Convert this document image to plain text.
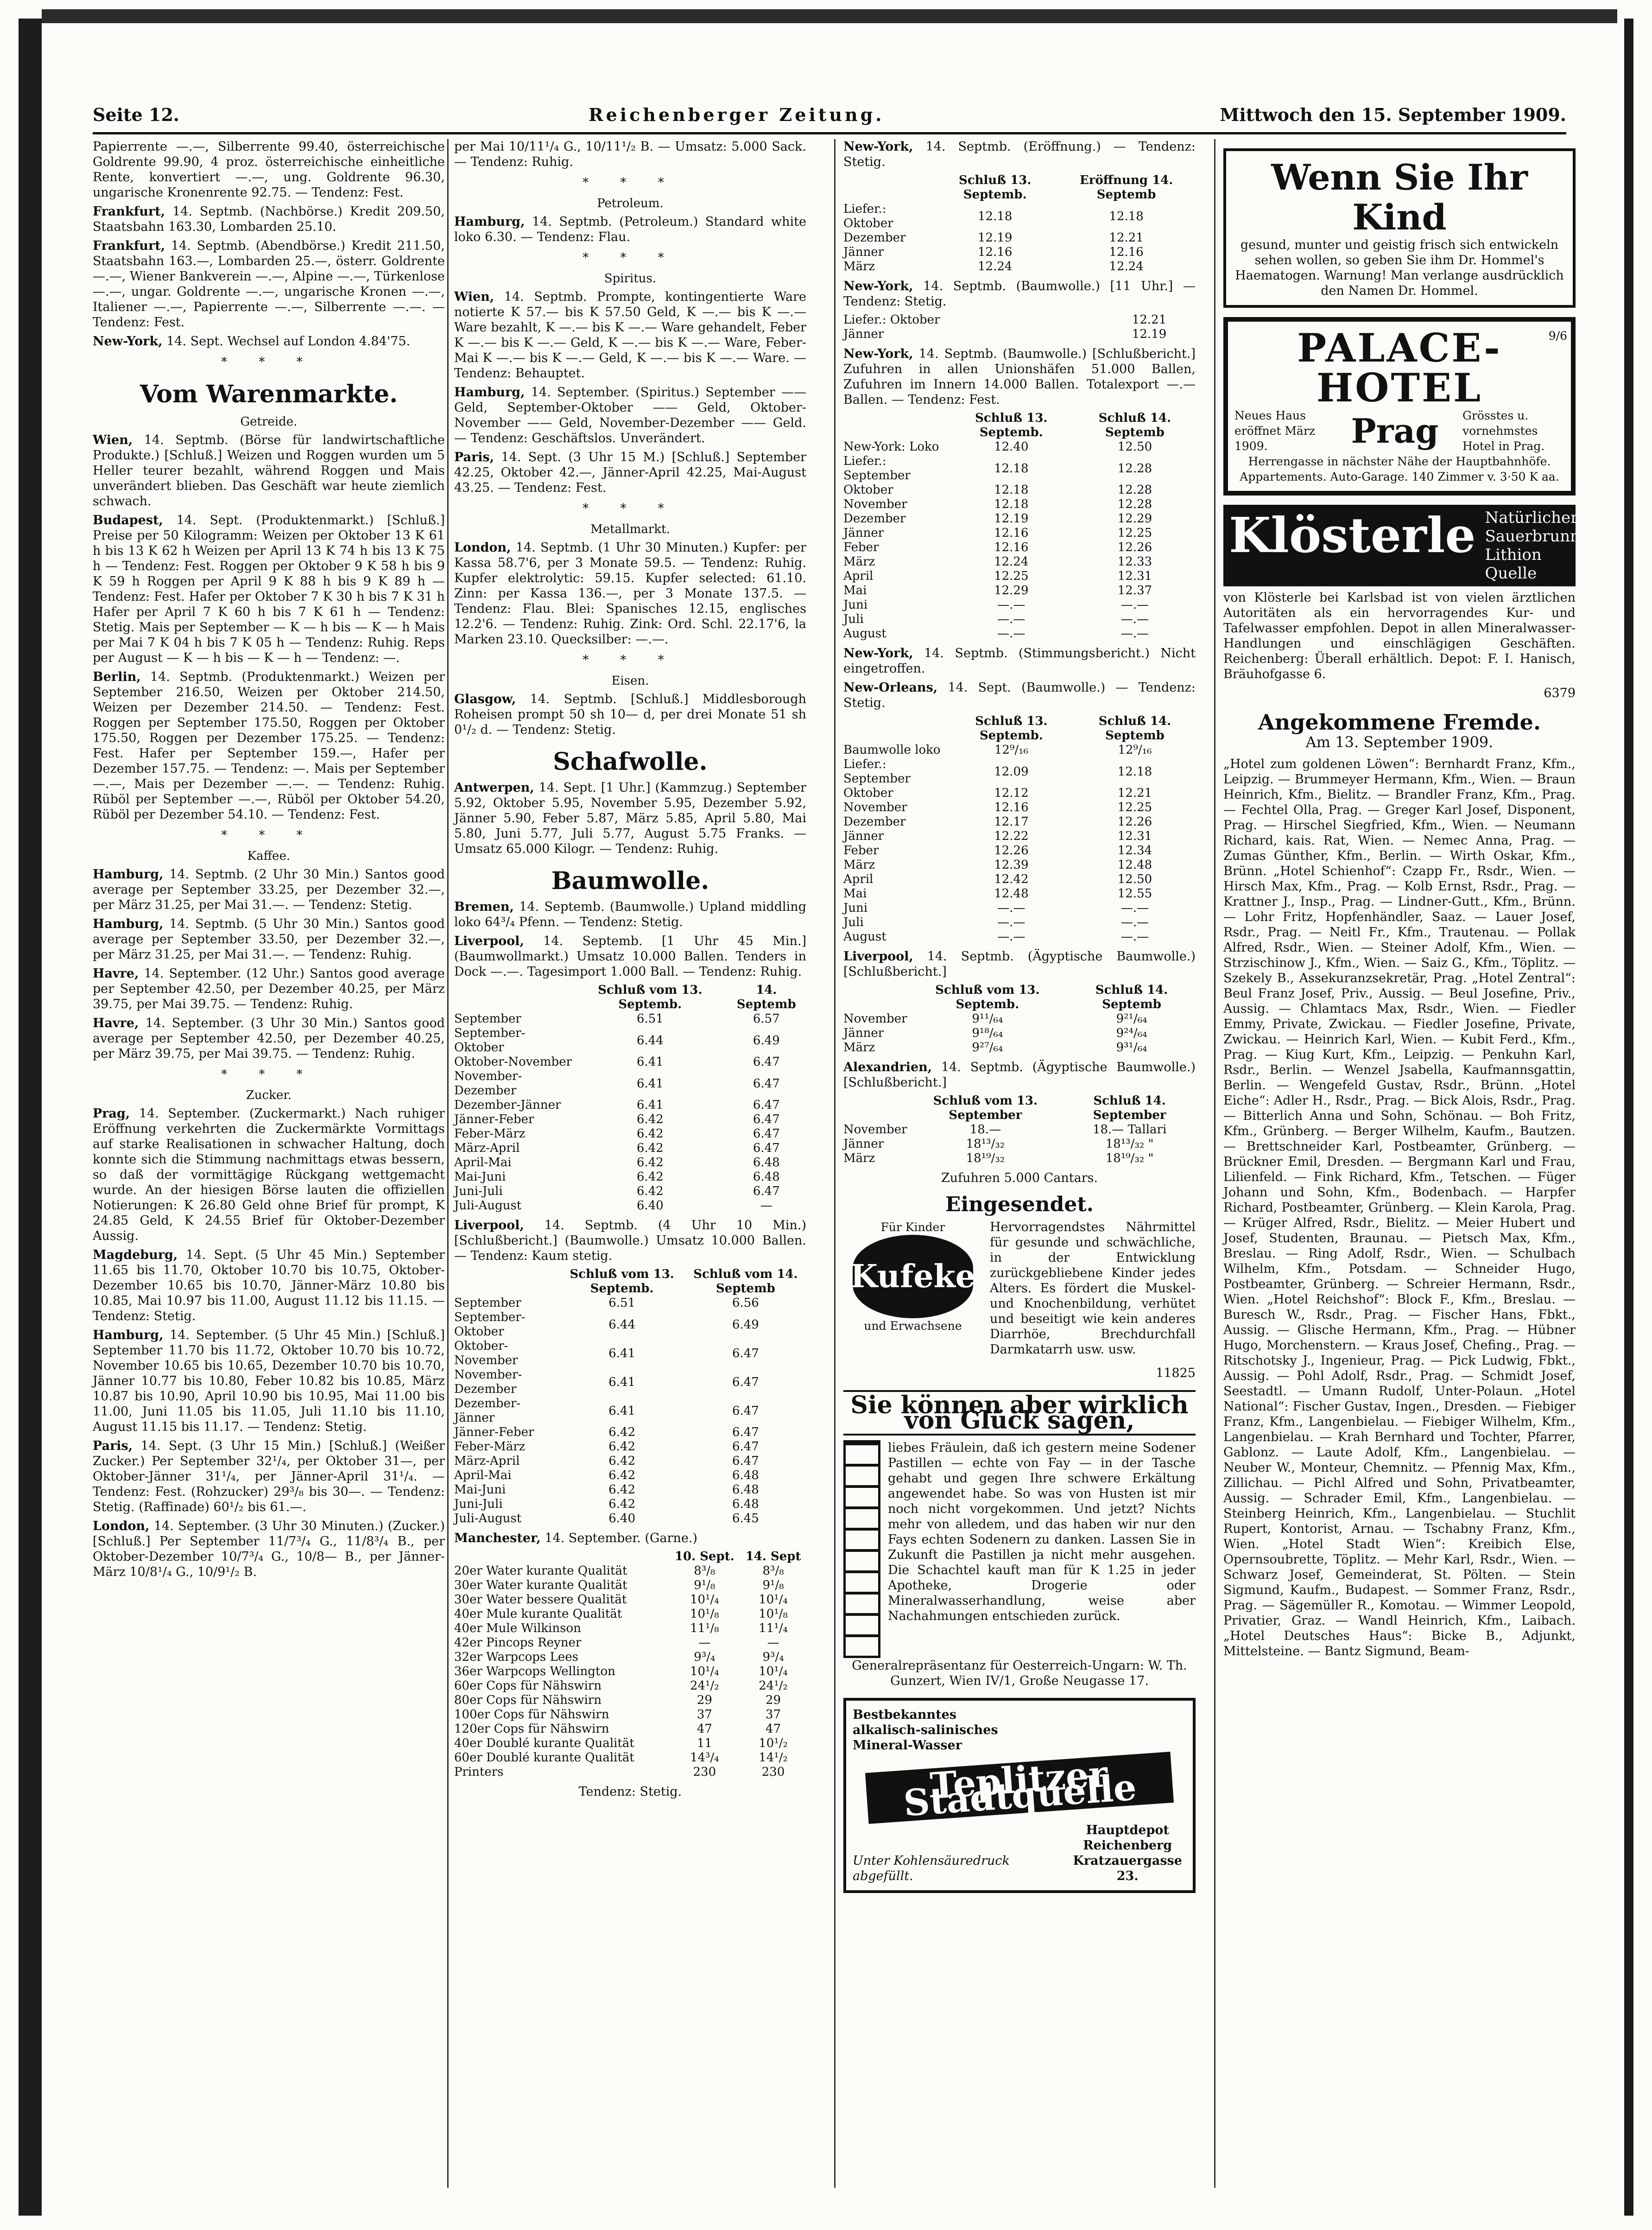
Seite 12.	Reichenberger Zeitung.	Mittwoch den 15. September 1909.

Papierrente —.—, Silberrente 99.40, österreichische Goldrente 99.90, 4 proz. österreichische einheitliche Rente, konvertiert —.—, ung. Goldrente 96.30, ungarische Kronenrente 92.75. — Tendenz: Fest.

Frankfurt, 14. Septmb. (Nachbörse.) Kredit 209.50, Staatsbahn 163.30, Lombarden 25.10.

Frankfurt, 14. Septmb. (Abendbörse.) Kredit 211.50, Staatsbahn 163.—, Lombarden 25.—, österr. Goldrente —.—, Wiener Bankverein —.—, Alpine —.—, Türkenlose —.—, ungar. Goldrente —.—, ungarische Kronen —.—, Italiener —.—, Papierrente —.—, Silberrente —.—. — Tendenz: Fest.

New-York, 14. Sept. Wechsel auf London 4.84'75.

* * *
Vom Warenmarkte.
Getreide.

Wien, 14. Septmb. (Börse für landwirtschaftliche Produkte.) [Schluß.] Weizen und Roggen wurden um 5 Heller teurer bezahlt, während Roggen und Mais unverändert blieben. Das Geschäft war heute ziemlich schwach.

Budapest, 14. Sept. (Produktenmarkt.) [Schluß.] Preise per 50 Kilogramm: Weizen per Oktober 13 K 61 h bis 13 K 62 h Weizen per April 13 K 74 h bis 13 K 75 h — Tendenz: Fest. Roggen per Oktober 9 K 58 h bis 9 K 59 h Roggen per April 9 K 88 h bis 9 K 89 h — Tendenz: Fest. Hafer per Oktober 7 K 30 h bis 7 K 31 h Hafer per April 7 K 60 h bis 7 K 61 h — Tendenz: Stetig. Mais per September — K — h bis — K — h Mais per Mai 7 K 04 h bis 7 K 05 h — Tendenz: Ruhig. Reps per August — K — h bis — K — h — Tendenz: —.

Berlin, 14. Septmb. (Produktenmarkt.) Weizen per September 216.50, Weizen per Oktober 214.50, Weizen per Dezember 214.50. — Tendenz: Fest. Roggen per September 175.50, Roggen per Oktober 175.50, Roggen per Dezember 175.25. — Tendenz: Fest. Hafer per September 159.—, Hafer per Dezember 157.75. — Tendenz: —. Mais per September —.—, Mais per Dezember —.—. — Tendenz: Ruhig. Rüböl per September —.—, Rüböl per Oktober 54.20, Rüböl per Dezember 54.10. — Tendenz: Fest.

* * *
Kaffee.

Hamburg, 14. Septmb. (2 Uhr 30 Min.) Santos good average per September 33.25, per Dezember 32.—, per März 31.25, per Mai 31.—. — Tendenz: Stetig.

Hamburg, 14. Septmb. (5 Uhr 30 Min.) Santos good average per September 33.50, per Dezember 32.—, per März 31.25, per Mai 31.—. — Tendenz: Ruhig.

Havre, 14. September. (12 Uhr.) Santos good average per September 42.50, per Dezember 40.25, per März 39.75, per Mai 39.75. — Tendenz: Ruhig.

Havre, 14. September. (3 Uhr 30 Min.) Santos good average per September 42.50, per Dezember 40.25, per März 39.75, per Mai 39.75. — Tendenz: Ruhig.

* * *
Zucker.

Prag, 14. September. (Zuckermarkt.) Nach ruhiger Eröffnung verkehrten die Zuckermärkte Vormittags auf starke Realisationen in schwacher Haltung, doch konnte sich die Stimmung nachmittags etwas bessern, so daß der vormittägige Rückgang wettgemacht wurde. An der hiesigen Börse lauten die offiziellen Notierungen: K 26.80 Geld ohne Brief für prompt, K 24.85 Geld, K 24.55 Brief für Oktober-Dezember Aussig.

Magdeburg, 14. Sept. (5 Uhr 45 Min.) September 11.65 bis 11.70, Oktober 10.70 bis 10.75, Oktober-Dezember 10.65 bis 10.70, Jänner-März 10.80 bis 10.85, Mai 10.97 bis 11.00, August 11.12 bis 11.15. — Tendenz: Stetig.

Hamburg, 14. September. (5 Uhr 45 Min.) [Schluß.] September 11.70 bis 11.72, Oktober 10.70 bis 10.72, November 10.65 bis 10.65, Dezember 10.70 bis 10.70, Jänner 10.77 bis 10.80, Feber 10.82 bis 10.85, März 10.87 bis 10.90, April 10.90 bis 10.95, Mai 11.00 bis 11.00, Juni 11.05 bis 11.05, Juli 11.10 bis 11.10, August 11.15 bis 11.17. — Tendenz: Stetig.

Paris, 14. Sept. (3 Uhr 15 Min.) [Schluß.] (Weißer Zucker.) Per September 32¹/₄, per Oktober 31—, per Oktober-Jänner 31¹/₄, per Jänner-April 31¹/₄. — Tendenz: Fest. (Rohzucker) 29³/₈ bis 30—. — Tendenz: Stetig. (Raffinade) 60¹/₂ bis 61.—.

London, 14. September. (3 Uhr 30 Minuten.) (Zucker.) [Schluß.] Per September 11/7³/₄ G., 11/8³/₄ B., per Oktober-Dezember 10/7³/₄ G., 10/8— B., per Jänner-März 10/8¹/₄ G., 10/9¹/₂ B.

per Mai 10/11¹/₄ G., 10/11¹/₂ B. — Umsatz: 5.000 Sack. — Tendenz: Ruhig.

* * *
Petroleum.

Hamburg, 14. Septmb. (Petroleum.) Standard white loko 6.30. — Tendenz: Flau.

* * *
Spiritus.

Wien, 14. Septmb. Prompte, kontingentierte Ware notierte K 57.— bis K 57.50 Geld, K —.— bis K —.— Ware bezahlt, K —.— bis K —.— Ware gehandelt, Feber K —.— bis K —.— Geld, K —.— bis K —.— Ware, Feber-Mai K —.— bis K —.— Geld, K —.— bis K —.— Ware. — Tendenz: Behauptet.

Hamburg, 14. September. (Spiritus.) September —— Geld, September-Oktober —— Geld, Oktober-November —— Geld, November-Dezember —— Geld. — Tendenz: Geschäftslos. Unverändert.

Paris, 14. Sept. (3 Uhr 15 M.) [Schluß.] September 42.25, Oktober 42.—, Jänner-April 42.25, Mai-August 43.25. — Tendenz: Fest.

* * *
Metallmarkt.

London, 14. Septmb. (1 Uhr 30 Minuten.) Kupfer: per Kassa 58.7'6, per 3 Monate 59.5. — Tendenz: Ruhig. Kupfer elektrolytic: 59.15. Kupfer selected: 61.10. Zinn: per Kassa 136.—, per 3 Monate 137.5. — Tendenz: Flau. Blei: Spanisches 12.15, englisches 12.2'6. — Tendenz: Ruhig. Zink: Ord. Schl. 22.17'6, la Marken 23.10. Quecksilber: —.—.

* * *
Eisen.

Glasgow, 14. Septmb. [Schluß.] Middlesborough Roheisen prompt 50 sh 10— d, per drei Monate 51 sh 0¹/₂ d. — Tendenz: Stetig.

Schafwolle.

Antwerpen, 14. Sept. [1 Uhr.] (Kammzug.) September 5.92, Oktober 5.95, November 5.95, Dezember 5.92, Jänner 5.90, Feber 5.87, März 5.85, April 5.80, Mai 5.80, Juni 5.77, Juli 5.77, August 5.75 Franks. — Umsatz 65.000 Kilogr. — Tendenz: Ruhig.

Baumwolle.

Bremen, 14. Septemb. (Baumwolle.) Upland middling loko 64³/₄ Pfenn. — Tendenz: Stetig.

Liverpool, 14. Septemb. [1 Uhr 45 Min.] (Baumwollmarkt.) Umsatz 10.000 Ballen. Tenders in Dock —.—. Tagesimport 1.000 Ball. — Tendenz: Ruhig.

	Schluß vom 13. Septemb.	14. Septemb
September	6.51	6.57
September-Oktober	6.44	6.49
Oktober-November	6.41	6.47
November-Dezember	6.41	6.47
Dezember-Jänner	6.41	6.47
Jänner-Feber	6.42	6.47
Feber-März	6.42	6.47
März-April	6.42	6.47
April-Mai	6.42	6.48
Mai-Juni	6.42	6.48
Juni-Juli	6.42	6.47
Juli-August	6.40	—

Liverpool, 14. Septmb. (4 Uhr 10 Min.) [Schlußbericht.] (Baumwolle.) Umsatz 10.000 Ballen. — Tendenz: Kaum stetig.

	Schluß vom 13. Septemb.	Schluß vom 14. Septemb
September	6.51	6.56
September-Oktober	6.44	6.49
Oktober-November	6.41	6.47
November-Dezember	6.41	6.47
Dezember-Jänner	6.41	6.47
Jänner-Feber	6.42	6.47
Feber-März	6.42	6.47
März-April	6.42	6.47
April-Mai	6.42	6.48
Mai-Juni	6.42	6.48
Juni-Juli	6.42	6.48
Juli-August	6.40	6.45

Manchester, 14. September. (Garne.)

	10. Sept.	14. Sept
20er Water kurante Qualität	8³/₈	8³/₈
30er Water kurante Qualität	9¹/₈	9¹/₈
30er Water bessere Qualität	10¹/₄	10¹/₄
40er Mule kurante Qualität	10¹/₈	10¹/₈
40er Mule Wilkinson	11¹/₈	11¹/₄
42er Pincops Reyner	—	—
32er Warpcops Lees	9³/₄	9³/₄
36er Warpcops Wellington	10¹/₄	10¹/₄
60er Cops für Nähswirn	24¹/₂	24¹/₂
80er Cops für Nähswirn	29	29
100er Cops für Nähswirn	37	37
120er Cops für Nähswirn	47	47
40er Doublé kurante Qualität	11	10¹/₂
60er Doublé kurante Qualität	14³/₄	14¹/₂
Printers	230	230

Tendenz: Stetig.

New-York, 14. Septmb. (Eröffnung.) — Tendenz: Stetig.

	Schluß 13. Septemb.	Eröffnung 14. Septemb
Liefer.: Oktober	12.18	12.18
Dezember	12.19	12.21
Jänner	12.16	12.16
März	12.24	12.24

New-York, 14. Septmb. (Baumwolle.) [11 Uhr.] — Tendenz: Stetig.

Liefer.: Oktober	12.21
Jänner	12.19

New-York, 14. Septmb. (Baumwolle.) [Schlußbericht.] Zufuhren in allen Unionshäfen 51.000 Ballen, Zufuhren im Innern 14.000 Ballen. Totalexport —.— Ballen. — Tendenz: Fest.

	Schluß 13. Septemb.	Schluß 14. Septemb
New-York: Loko	12.40	12.50
Liefer.: September	12.18	12.28
Oktober	12.18	12.28
November	12.18	12.28
Dezember	12.19	12.29
Jänner	12.16	12.25
Feber	12.16	12.26
März	12.24	12.33
April	12.25	12.31
Mai	12.29	12.37
Juni	—.—	—.—
Juli	—.—	—.—
August	—.—	—.—

New-York, 14. Septmb. (Stimmungsbericht.) Nicht eingetroffen.

New-Orleans, 14. Sept. (Baumwolle.) — Tendenz: Stetig.

	Schluß 13. Septemb.	Schluß 14. Septemb
Baumwolle loko	12⁹/₁₆	12⁹/₁₆
Liefer.: September	12.09	12.18
Oktober	12.12	12.21
November	12.16	12.25
Dezember	12.17	12.26
Jänner	12.22	12.31
Feber	12.26	12.34
März	12.39	12.48
April	12.42	12.50
Mai	12.48	12.55
Juni	—.—	—.—
Juli	—.—	—.—
August	—.—	—.—

Liverpool, 14. Septmb. (Ägyptische Baumwolle.) [Schlußbericht.]

	Schluß vom 13. Septemb.	Schluß 14. Septemb
November	9¹¹/₆₄	9²¹/₆₄
Jänner	9¹⁸/₆₄	9²⁴/₆₄
März	9²⁷/₆₄	9³¹/₆₄

Alexandrien, 14. Septmb. (Ägyptische Baumwolle.) [Schlußbericht.]

	Schluß vom 13. September	Schluß 14. September
November	18.—	18.— Tallari
Jänner	18¹³/₃₂	18¹³/₃₂ "
März	18¹⁹/₃₂	18¹⁹/₃₂ "

Zufuhren 5.000 Cantars.

Eingesendet.
Für Kinder
Kufeke
und Erwachsene

Hervorragendstes Nährmittel für gesunde und schwächliche, in der Entwicklung zurückgebliebene Kinder jedes Alters. Es fördert die Muskel- und Knochenbildung, verhütet und beseitigt wie kein anderes Diarrhöe, Brechdurchfall Darmkatarrh usw. usw.

11825

Sie können aber wirklich von Glück sagen,

liebes Fräulein, daß ich gestern meine Sodener Pastillen — echte von Fay — in der Tasche gehabt und gegen Ihre schwere Erkältung angewendet habe. So was von Husten ist mir noch nicht vorgekommen. Und jetzt? Nichts mehr von alledem, und das haben wir nur den Fays echten Sodenern zu danken. Lassen Sie in Zukunft die Pastillen ja nicht mehr ausgehen. Die Schachtel kauft man für K 1.25 in jeder Apotheke, Drogerie oder Mineralwasserhandlung, weise aber Nachahmungen entschieden zurück.

Generalrepräsentanz für Oesterreich-Ungarn: W. Th. Gunzert, Wien IV/1, Große Neugasse 17.

Bestbekanntes alkalisch-salinisches Mineral-Wasser
Teplitzer Stadtquelle
Unter Kohlensäuredruck abgefüllt.
Hauptdepot Reichenberg Kratzauergasse 23.
Wenn Sie Ihr Kind
gesund, munter und geistig frisch sich entwickeln sehen wollen, so geben Sie ihm Dr. Hommel's Haematogen. Warnung! Man verlange ausdrücklich den Namen Dr. Hommel.
PALACE-HOTEL
Neues Haus eröffnet März 1909.	Prag Grösstes u. vornehmstes Hotel in Prag.
Herrengasse in nächster Nähe der Hauptbahnhöfe. Appartements. Auto-Garage. 140 Zimmer v. 3·50 K aa.
9/6
Klösterle Natürlicher Sauerbrunn Lithion Quelle

von Klösterle bei Karlsbad ist von vielen ärztlichen Autoritäten als ein hervorragendes Kur- und Tafelwasser empfohlen. Depot in allen Mineralwasser-Handlungen und einschlägigen Geschäften. Reichenberg: Überall erhältlich. Depot: F. I. Hanisch, Bräuhofgasse 6.

6379

Angekommene Fremde.
Am 13. September 1909.

„Hotel zum goldenen Löwen“: Bernhardt Franz, Kfm., Leipzig. — Brummeyer Hermann, Kfm., Wien. — Braun Heinrich, Kfm., Bielitz. — Brandler Franz, Kfm., Prag. — Fechtel Olla, Prag. — Greger Karl Josef, Disponent, Prag. — Hirschel Siegfried, Kfm., Wien. — Neumann Richard, kais. Rat, Wien. — Nemec Anna, Prag. — Zumas Günther, Kfm., Berlin. — Wirth Oskar, Kfm., Brünn. „Hotel Schienhof“: Czapp Fr., Rsdr., Wien. — Hirsch Max, Kfm., Prag. — Kolb Ernst, Rsdr., Prag. — Krattner J., Insp., Prag. — Lindner-Gutt., Kfm., Brünn. — Lohr Fritz, Hopfenhändler, Saaz. — Lauer Josef, Rsdr., Prag. — Neitl Fr., Kfm., Trautenau. — Pollak Alfred, Rsdr., Wien. — Steiner Adolf, Kfm., Wien. — Strzischinow J., Kfm., Wien. — Saiz G., Kfm., Töplitz. — Szekely B., Assekuranzsekretär, Prag. „Hotel Zentral“: Beul Franz Josef, Priv., Aussig. — Beul Josefine, Priv., Aussig. — Chlamtacs Max, Rsdr., Wien. — Fiedler Emmy, Private, Zwickau. — Fiedler Josefine, Private, Zwickau. — Heinrich Karl, Wien. — Kubit Ferd., Kfm., Prag. — Kiug Kurt, Kfm., Leipzig. — Penkuhn Karl, Rsdr., Berlin. — Wenzel Jsabella, Kaufmannsgattin, Berlin. — Wengefeld Gustav, Rsdr., Brünn. „Hotel Eiche“: Adler H., Rsdr., Prag. — Bick Alois, Rsdr., Prag. — Bitterlich Anna und Sohn, Schönau. — Boh Fritz, Kfm., Grünberg. — Berger Wilhelm, Kaufm., Bautzen. — Brettschneider Karl, Postbeamter, Grünberg. — Brückner Emil, Dresden. — Bergmann Karl und Frau, Lilienfeld. — Fink Richard, Kfm., Tetschen. — Füger Johann und Sohn, Kfm., Bodenbach. — Harpfer Richard, Postbeamter, Grünberg. — Klein Karola, Prag. — Krüger Alfred, Rsdr., Bielitz. — Meier Hubert und Josef, Studenten, Braunau. — Pietsch Max, Kfm., Breslau. — Ring Adolf, Rsdr., Wien. — Schulbach Wilhelm, Kfm., Potsdam. — Schneider Hugo, Postbeamter, Grünberg. — Schreier Hermann, Rsdr., Wien. „Hotel Reichshof“: Block F., Kfm., Breslau. — Buresch W., Rsdr., Prag. — Fischer Hans, Fbkt., Aussig. — Glische Hermann, Kfm., Prag. — Hübner Hugo, Morchenstern. — Kraus Josef, Chefing., Prag. — Ritschotsky J., Ingenieur, Prag. — Pick Ludwig, Fbkt., Aussig. — Pohl Adolf, Rsdr., Prag. — Schmidt Josef, Seestadtl. — Umann Rudolf, Unter-Polaun. „Hotel National“: Fischer Gustav, Ingen., Dresden. — Fiebiger Franz, Kfm., Langenbielau. — Fiebiger Wilhelm, Kfm., Langenbielau. — Krah Bernhard und Tochter, Pfarrer, Gablonz. — Laute Adolf, Kfm., Langenbielau. — Neuber W., Monteur, Chemnitz. — Pfennig Max, Kfm., Zillichau. — Pichl Alfred und Sohn, Privatbeamter, Aussig. — Schrader Emil, Kfm., Langenbielau. — Steinberg Heinrich, Kfm., Langenbielau. — Stuchlit Rupert, Kontorist, Arnau. — Tschabny Franz, Kfm., Wien. „Hotel Stadt Wien“: Kreibich Else, Opernsoubrette, Töplitz. — Mehr Karl, Rsdr., Wien. — Schwarz Josef, Gemeinderat, St. Pölten. — Stein Sigmund, Kaufm., Budapest. — Sommer Franz, Rsdr., Prag. — Sägemüller R., Komotau. — Wimmer Leopold, Privatier, Graz. — Wandl Heinrich, Kfm., Laibach. „Hotel Deutsches Haus“: Bicke B., Adjunkt, Mittelsteine. — Bantz Sigmund, Beam-
